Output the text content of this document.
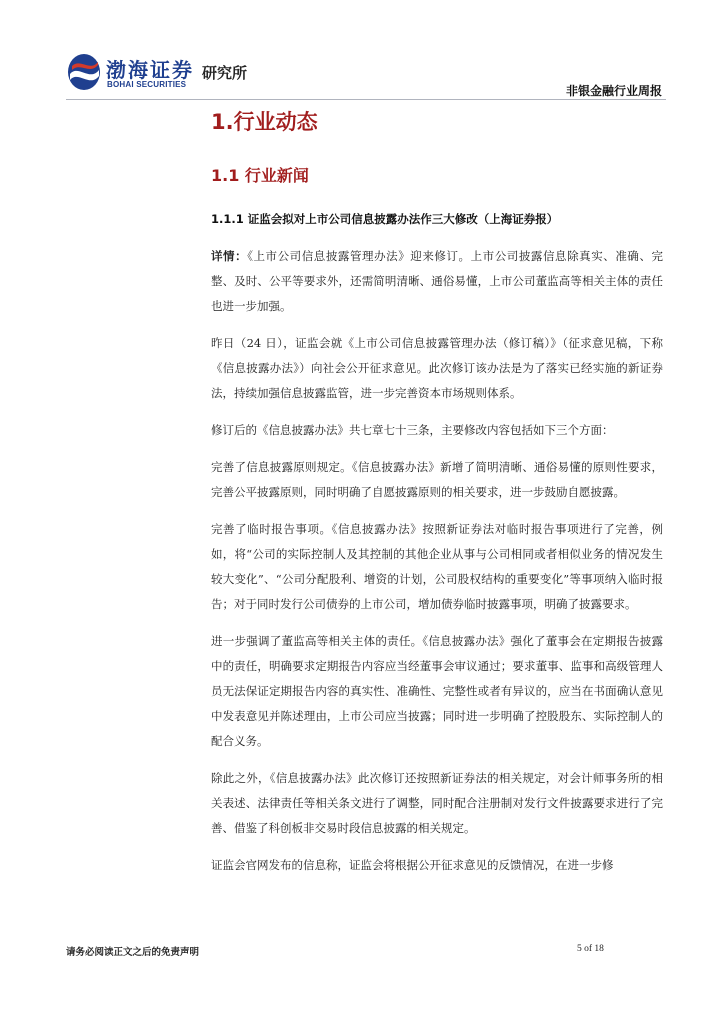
渤海证券
BOHAI SECURITIES
研究所
非银金融行业周报
1.行业动态
1.1 行业新闻
1.1.1 证监会拟对上市公司信息披露办法作三大修改（上海证券报）

详情：《上市公司信息披露管理办法》迎来修订。上市公司披露信息除真实、准确、完整、及时、公平等要求外，还需简明清晰、通俗易懂，上市公司董监高等相关主体的责任也进一步加强。

昨日（24 日），证监会就《上市公司信息披露管理办法（修订稿）》（征求意见稿，下称《信息披露办法》）向社会公开征求意见。此次修订该办法是为了落实已经实施的新证券法，持续加强信息披露监管，进一步完善资本市场规则体系。

修订后的《信息披露办法》共七章七十三条，主要修改内容包括如下三个方面：

完善了信息披露原则规定。《信息披露办法》新增了简明清晰、通俗易懂的原则性要求，完善公平披露原则，同时明确了自愿披露原则的相关要求，进一步鼓励自愿披露。

完善了临时报告事项。《信息披露办法》按照新证券法对临时报告事项进行了完善，例如，将“公司的实际控制人及其控制的其他企业从事与公司相同或者相似业务的情况发生较大变化”、“公司分配股利、增资的计划，公司股权结构的重要变化”等事项纳入临时报告；对于同时发行公司债券的上市公司，增加债券临时披露事项，明确了披露要求。

进一步强调了董监高等相关主体的责任。《信息披露办法》强化了董事会在定期报告披露中的责任，明确要求定期报告内容应当经董事会审议通过；要求董事、监事和高级管理人员无法保证定期报告内容的真实性、准确性、完整性或者有异议的，应当在书面确认意见中发表意见并陈述理由，上市公司应当披露；同时进一步明确了控股股东、实际控制人的配合义务。

除此之外，《信息披露办法》此次修订还按照新证券法的相关规定，对会计师事务所的相关表述、法律责任等相关条文进行了调整，同时配合注册制对发行文件披露要求进行了完善、借鉴了科创板非交易时段信息披露的相关规定。

证监会官网发布的信息称，证监会将根据公开征求意见的反馈情况，在进一步修

请务必阅读正文之后的免责声明	5 of 18
